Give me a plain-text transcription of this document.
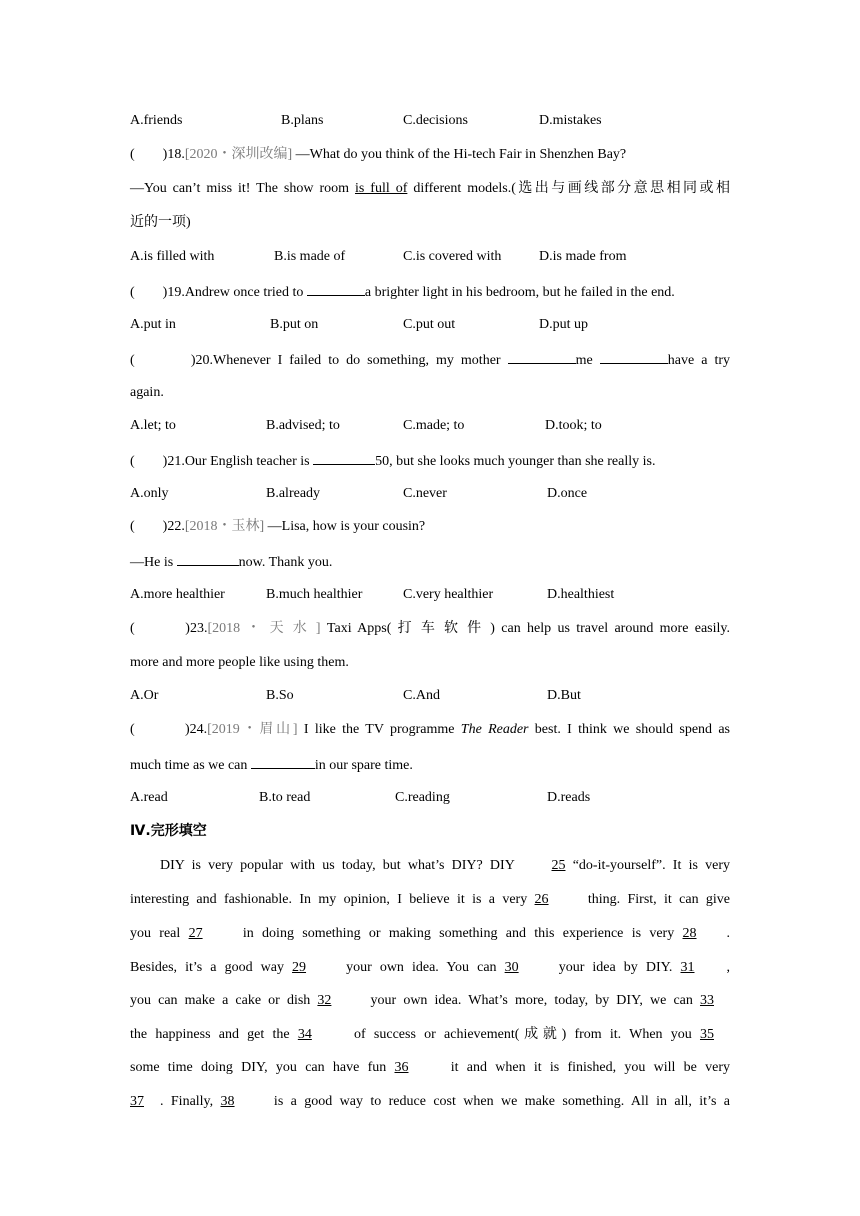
A.friends	B.plans	C.decisions	D.mistakes
(        )18.[2020・深圳改编] —What do you think of the Hi-tech Fair in Shenzhen Bay?
—You can’t miss it! The show room is full of different models.(选出与画线部分意思相同或相
近的一项)
A.is filled with	B.is made of	C.is covered with	D.is made from
(        )19.Andrew once tried to	a brighter light in his bedroom, but he failed in the end.
A.put in	B.put on	C.put out	D.put up
(        )20.Whenever I failed to do something, my mother	me	have a try
again.
A.let; to	B.advised; to	C.made; to	D.took; to
(        )21.Our English teacher is	50, but she looks much younger than she really is.
A.only	B.already	C.never	D.once
(        )22.[2018・玉林] —Lisa, how is your cousin?
—He is	now. Thank you.
A.more healthier	B.much healthier	C.very healthier	D.healthiest
(        )23.[2018 ・ 天 水 ] Taxi Apps( 打 车 软 件 ) can help us travel around more easily.
more and more people like using them.
A.Or	B.So	C.And	D.But
(        )24.[2019・眉山] I like the TV programme The Reader best. I think we should spend as
much time as we can	in our spare time.
A.read	B.to read	C.reading	D.reads
Ⅳ.完形填空
DIY is very popular with us today, but what’s DIY? DIY 25 “do-it-yourself”. It is very
interesting and fashionable. In my opinion, I believe it is a very 26 thing. First, it can give
you real 27 in doing something or making something and this experience is very 28 .
Besides, it’s a good way 29 your own idea. You can 30 your idea by DIY. 31 ,
you can make a cake or dish 32 your own idea. What’s more, today, by DIY, we can 33
the happiness and get the 34 of success or achievement(成就) from it. When you 35
some time doing DIY, you can have fun 36 it and when it is finished, you will be very
37 . Finally, 38 is a good way to reduce cost when we make something. All in all, it’s a
